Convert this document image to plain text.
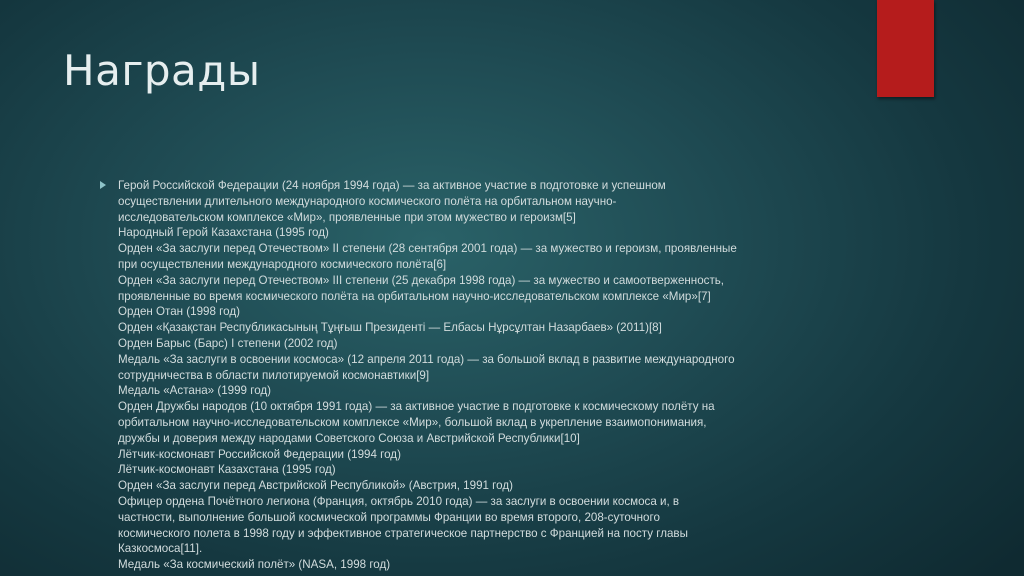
Награды
Герой Российской Федерации (24 ноября 1994 года) — за активное участие в подготовке и успешном
осуществлении длительного международного космического полёта на орбитальном научно-
исследовательском комплексе «Мир», проявленные при этом мужество и героизм[5]
Народный Герой Казахстана (1995 год)
Орден «За заслуги перед Отечеством» II степени (28 сентября 2001 года) — за мужество и героизм, проявленные
при осуществлении международного космического полёта[6]
Орден «За заслуги перед Отечеством» III степени (25 декабря 1998 года) — за мужество и самоотверженность,
проявленные во время космического полёта на орбитальном научно-исследовательском комплексе «Мир»[7]
Орден Отан (1998 год)
Орден «Қазақстан Республикасының Тұңғыш Президенті — Елбасы Нұрсұлтан Назарбаев» (2011)[8]
Орден Барыс (Барс) I степени (2002 год)
Медаль «За заслуги в освоении космоса» (12 апреля 2011 года) — за большой вклад в развитие международного
сотрудничества в области пилотируемой космонавтики[9]
Медаль «Астана» (1999 год)
Орден Дружбы народов (10 октября 1991 года) — за активное участие в подготовке к космическому полёту на
орбитальном научно-исследовательском комплексе «Мир», большой вклад в укрепление взаимопонимания,
дружбы и доверия между народами Советского Союза и Австрийской Республики[10]
Лётчик-космонавт Российской Федерации (1994 год)
Лётчик-космонавт Казахстана (1995 год)
Орден «За заслуги перед Австрийской Республикой» (Австрия, 1991 год)
Офицер ордена Почётного легиона (Франция, октябрь 2010 года) — за заслуги в освоении космоса и, в
частности, выполнение большой космической программы Франции во время второго, 208-суточного
космического полета в 1998 году и эффективное стратегическое партнерство с Францией на посту главы
Казкосмоса[11].
Медаль «За космический полёт» (NASA, 1998 год)
